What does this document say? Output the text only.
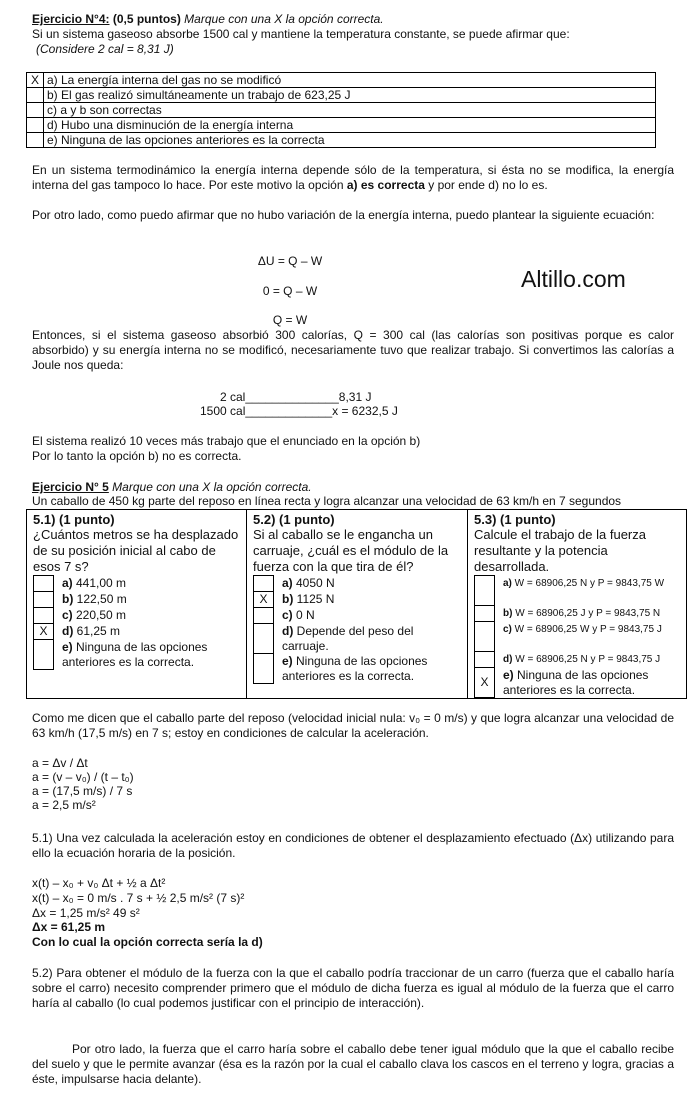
Ejercicio N°4: (0,5 puntos) Marque con una X la opción correcta.
Si un sistema gaseoso absorbe 1500 cal y mantiene la temperatura constante, se puede afirmar que:
(Considere 2 cal = 8,31 J)
X	a) La energía interna del gas no se modificó
	b) El gas realizó simultáneamente un trabajo de 623,25 J
	c) a y b son correctas
	d) Hubo una disminución de la energía interna
	e) Ninguna de las opciones anteriores es la correcta
En un sistema termodinámico la energía interna depende sólo de la temperatura, si ésta no se modifica, la energía interna del gas tampoco lo hace. Por este motivo la opción a) es correcta y por ende d) no lo es.
Por otro lado, como puedo afirmar que no hubo variación de la energía interna, puedo plantear la siguiente ecuación:
ΔU = Q – W
0 = Q – W
Q = W
Altillo.com
Entonces, si el sistema gaseoso absorbió 300 calorías, Q = 300 cal (las calorías son positivas porque es calor absorbido) y su energía interna no se modificó, necesariamente tuvo que realizar trabajo. Si convertimos las calorías a Joule nos queda:
2 cal______________8,31 J
1500 cal_____________x = 6232,5 J
El sistema realizó 10 veces más trabajo que el enunciado en la opción b)
Por lo tanto la opción b) no es correcta.
Ejercicio N° 5 Marque con una X la opción correcta.
Un caballo de 450 kg parte del reposo en línea recta y logra alcanzar una velocidad de 63 km/h en 7 segundos
5.1) (1 punto)
¿Cuántos metros se ha desplazado de su posición inicial al cabo de esos 7 s?
a) 441,00 m
b) 122,50 m
c) 220,50 m
X	d) 61,25 m
e) Ninguna de las opciones anteriores es la correcta.
5.2) (1 punto)
Si al caballo se le engancha un carruaje, ¿cuál es el módulo de la fuerza con la que tira de él?
a) 4050 N
X	b) 1125 N
c) 0 N
d) Depende del peso del carruaje.
e) Ninguna de las opciones anteriores es la correcta.
5.3) (1 punto)
Calcule el trabajo de la fuerza resultante y la potencia desarrollada.
a) W = 68906,25 N y P = 9843,75 W
b) W = 68906,25 J y P = 9843,75 N
c) W = 68906,25 W y P = 9843,75 J
d) W = 68906,25 N y P = 9843,75 J
X	e) Ninguna de las opciones anteriores es la correcta.
Como me dicen que el caballo parte del reposo (velocidad inicial nula: v₀ = 0 m/s) y que logra alcanzar una velocidad de 63 km/h (17,5 m/s) en 7 s; estoy en condiciones de calcular la aceleración.
a = Δv / Δt
a = (v – v₀) / (t – t₀)
a = (17,5 m/s) / 7 s
a = 2,5 m/s²
5.1) Una vez calculada la aceleración estoy en condiciones de obtener el desplazamiento efectuado (Δx) utilizando para ello la ecuación horaria de la posición.
x(t) – x₀ + v₀ Δt + ½ a Δt²
x(t) – x₀ = 0 m/s . 7 s + ½ 2,5 m/s² (7 s)²
Δx = 1,25 m/s² 49 s²
Δx = 61,25 m
Con lo cual la opción correcta sería la d)
5.2) Para obtener el módulo de la fuerza con la que el caballo podría traccionar de un carro (fuerza que el caballo haría sobre el carro) necesito comprender primero que el módulo de dicha fuerza es igual al módulo de la fuerza que el carro haría al caballo (lo cual podemos justificar con el principio de interacción).
Por otro lado, la fuerza que el carro haría sobre el caballo debe tener igual módulo que la que el caballo recibe del suelo y que le permite avanzar (ésa es la razón por la cual el caballo clava los cascos en el terreno y logra, gracias a éste, impulsarse hacia delante).
